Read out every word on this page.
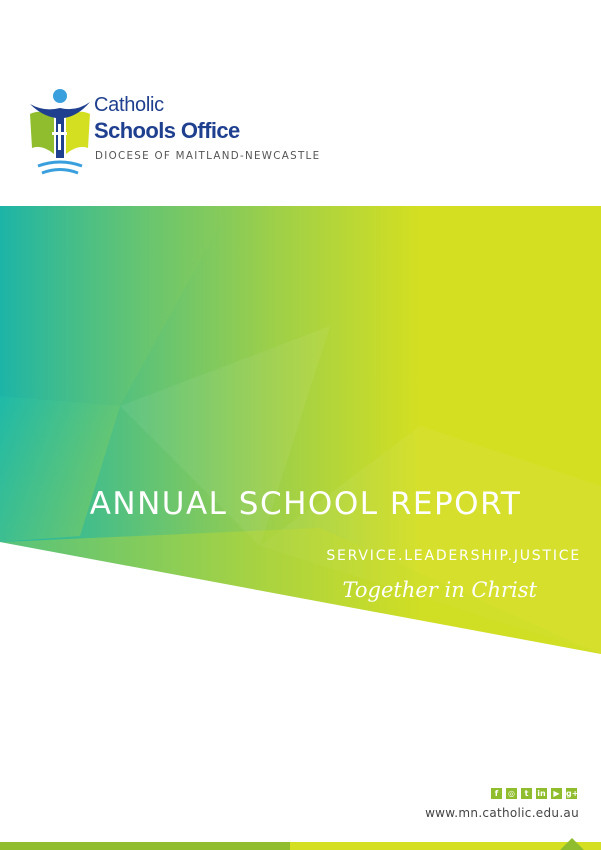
Catholic
Schools Office
DIOCESE OF MAITLAND-NEWCASTLE
ANNUAL SCHOOL REPORT
SERVICE.LEADERSHIP.JUSTICE
Together in Christ
f	◎	t	in ▶ g+
www.mn.catholic.edu.au
